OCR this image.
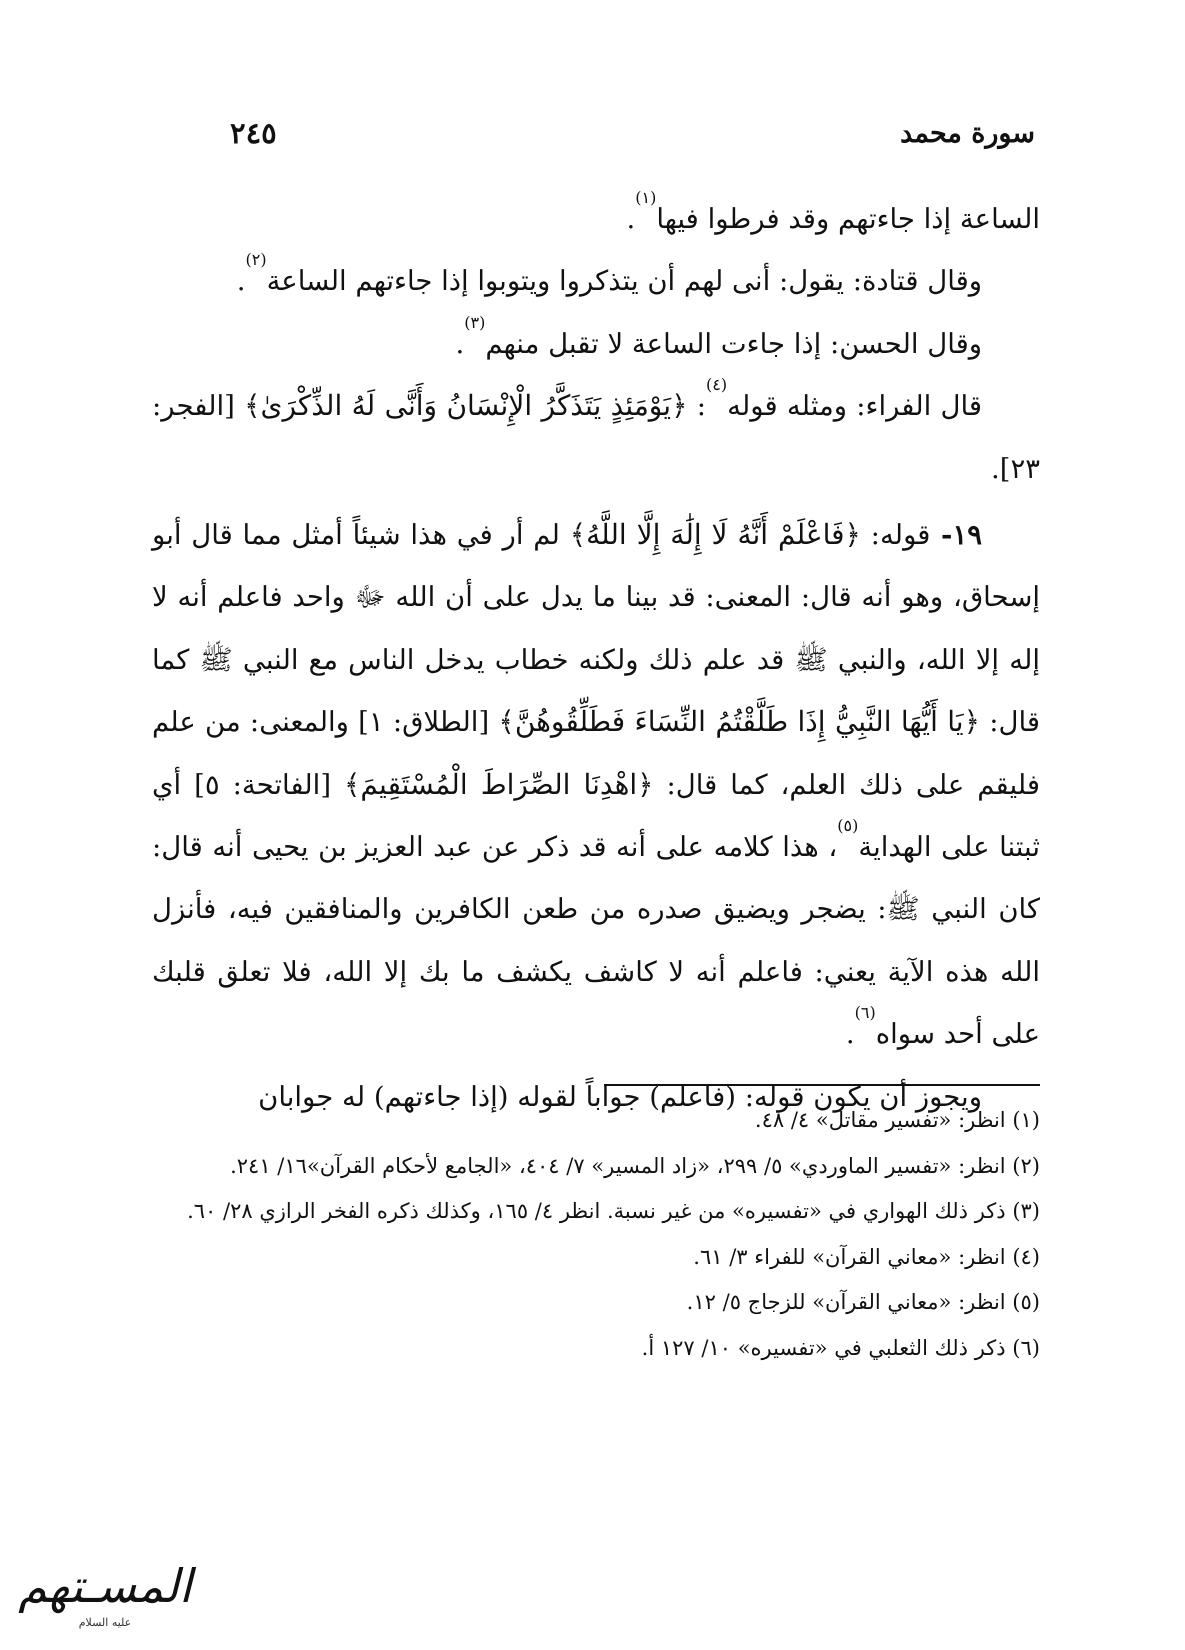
سورة محمد
٢٤٥

الساعة إذا جاءتهم وقد فرطوا فيها$^{(١)}$.

وقال قتادة: يقول: أنى لهم أن يتذكروا ويتوبوا إذا جاءتهم الساعة$^{(٢)}$.

وقال الحسن: إذا جاءت الساعة لا تقبل منهم$^{(٣)}$.

قال الفراء: ومثله قوله$^{(٤)}$: ﴿يَوْمَئِذٍ يَتَذَكَّرُ الْإِنْسَانُ وَأَنَّى لَهُ الذِّكْرَىٰ﴾ [الفجر: ٢٣].

١٩- قوله: ﴿فَاعْلَمْ أَنَّهُ لَا إِلَٰهَ إِلَّا اللَّهُ﴾ لم أر في هذا شيئاً أمثل مما قال أبو إسحاق، وهو أنه قال: المعنى: قد بينا ما يدل على أن الله ﷻ واحد فاعلم أنه لا إله إلا الله، والنبي ﷺ قد علم ذلك ولكنه خطاب يدخل الناس مع النبي ﷺ كما قال: ﴿يَا أَيُّهَا النَّبِيُّ إِذَا طَلَّقْتُمُ النِّسَاءَ فَطَلِّقُوهُنَّ﴾ [الطلاق: ١] والمعنى: من علم فليقم على ذلك العلم، كما قال: ﴿اهْدِنَا الصِّرَاطَ الْمُسْتَقِيمَ﴾ [الفاتحة: ٥] أي ثبتنا على الهداية$^{(٥)}$، هذا كلامه على أنه قد ذكر عن عبد العزيز بن يحيى أنه قال: كان النبي ﷺ: يضجر ويضيق صدره من طعن الكافرين والمنافقين فيه، فأنزل الله هذه الآية يعني: فاعلم أنه لا كاشف يكشف ما بك إلا الله، فلا تعلق قلبك على أحد سواه$^{(٦)}$.

ويجوز أن يكون قوله: (فاعلم) جواباً لقوله (إذا جاءتهم) له جوابان

(١) انظر: «تفسير مقاتل» ٤/ ٤٨.

(٢) انظر: «تفسير الماوردي» ٥/ ٢٩٩، «زاد المسير» ٧/ ٤٠٤، «الجامع لأحكام القرآن»١٦/ ٢٤١.

(٣) ذكر ذلك الهواري في «تفسيره» من غير نسبة. انظر ٤/ ١٦٥، وكذلك ذكره الفخر الرازي ٢٨/ ٦٠.

(٤) انظر: «معاني القرآن» للفراء ٣/ ٦١.

(٥) انظر: «معاني القرآن» للزجاج ٥/ ١٢.

(٦) ذكر ذلك الثعلبي في «تفسيره» ١٠/ ١٢٧ أ.

المسـتهم
عليه السلام
